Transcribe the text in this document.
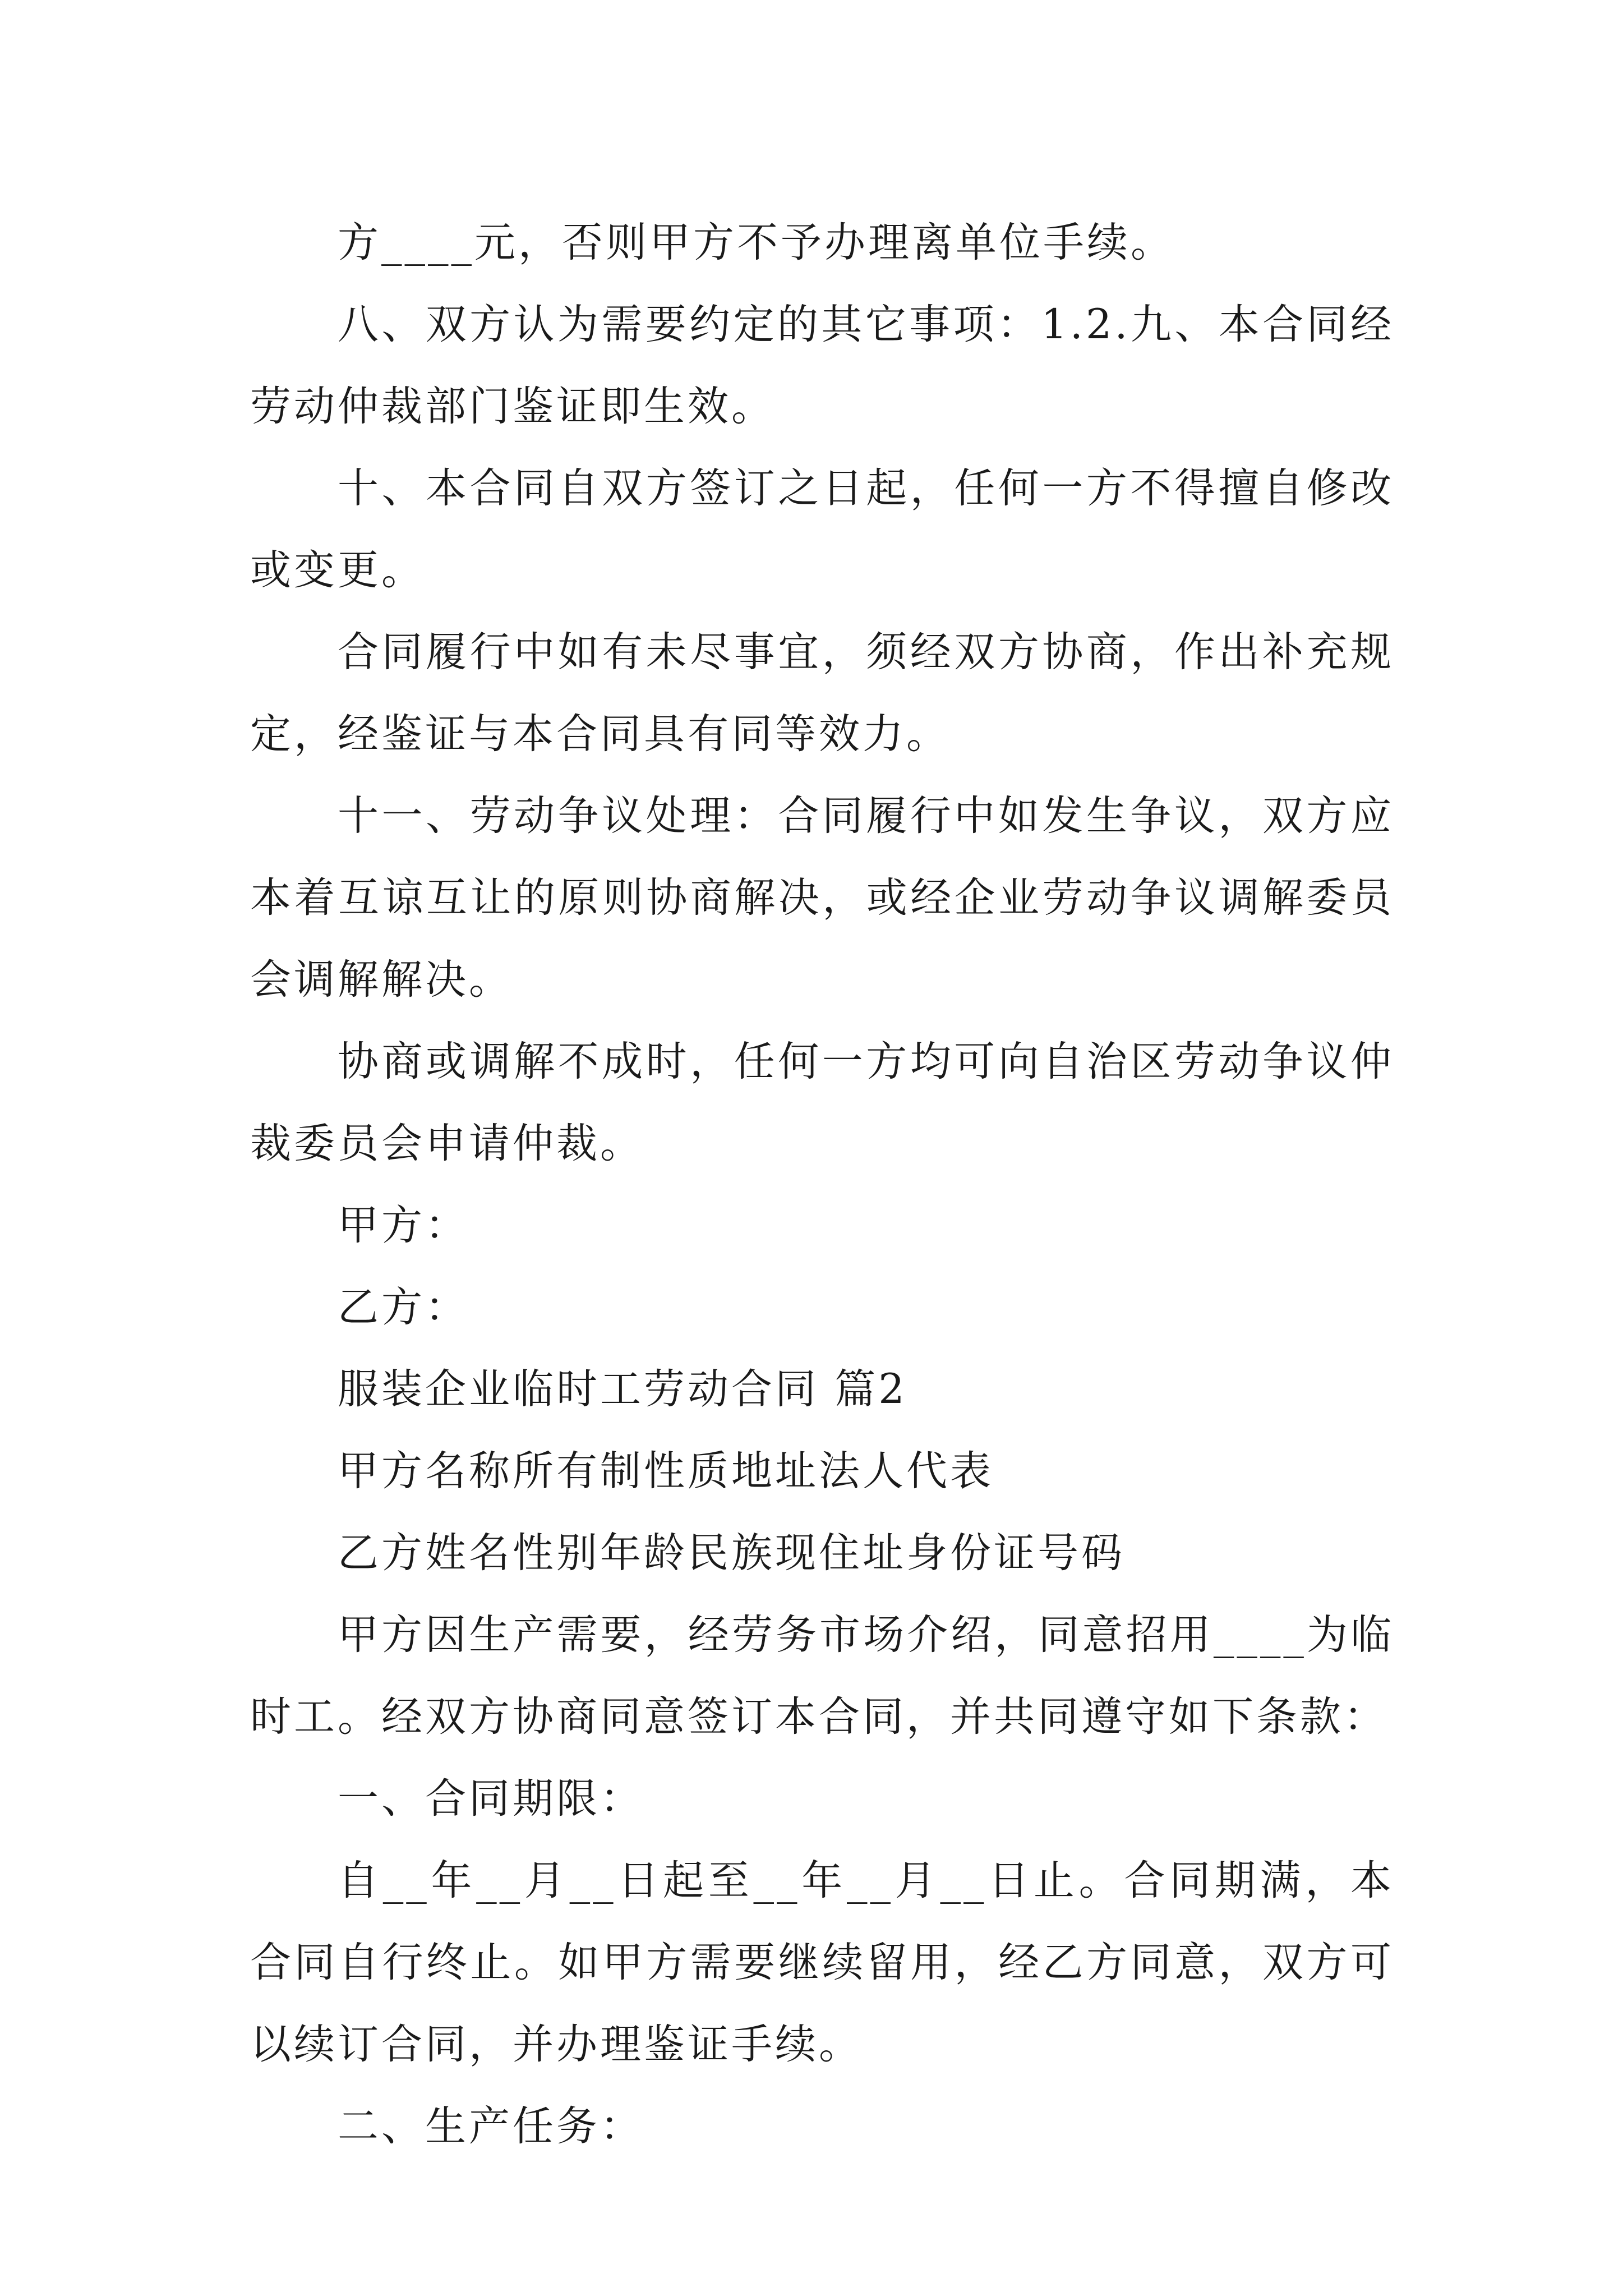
方____元，否则甲方不予办理离单位手续。

八、双方认为需要约定的其它事项：1.2.九、本合同经劳动仲裁部门鉴证即生效。

十、本合同自双方签订之日起，任何一方不得擅自修改或变更。

合同履行中如有未尽事宜，须经双方协商，作出补充规定，经鉴证与本合同具有同等效力。

十一、劳动争议处理：合同履行中如发生争议，双方应本着互谅互让的原则协商解决，或经企业劳动争议调解委员会调解解决。

协商或调解不成时，任何一方均可向自治区劳动争议仲裁委员会申请仲裁。

甲方：

乙方：

服装企业临时工劳动合同 篇2

甲方名称所有制性质地址法人代表

乙方姓名性别年龄民族现住址身份证号码

甲方因生产需要，经劳务市场介绍，同意招用____为临时工。经双方协商同意签订本合同，并共同遵守如下条款：

一、合同期限：

自__年__月__日起至__年__月__日止。合同期满，本合同自行终止。如甲方需要继续留用，经乙方同意，双方可以续订合同，并办理鉴证手续。

二、生产任务：
